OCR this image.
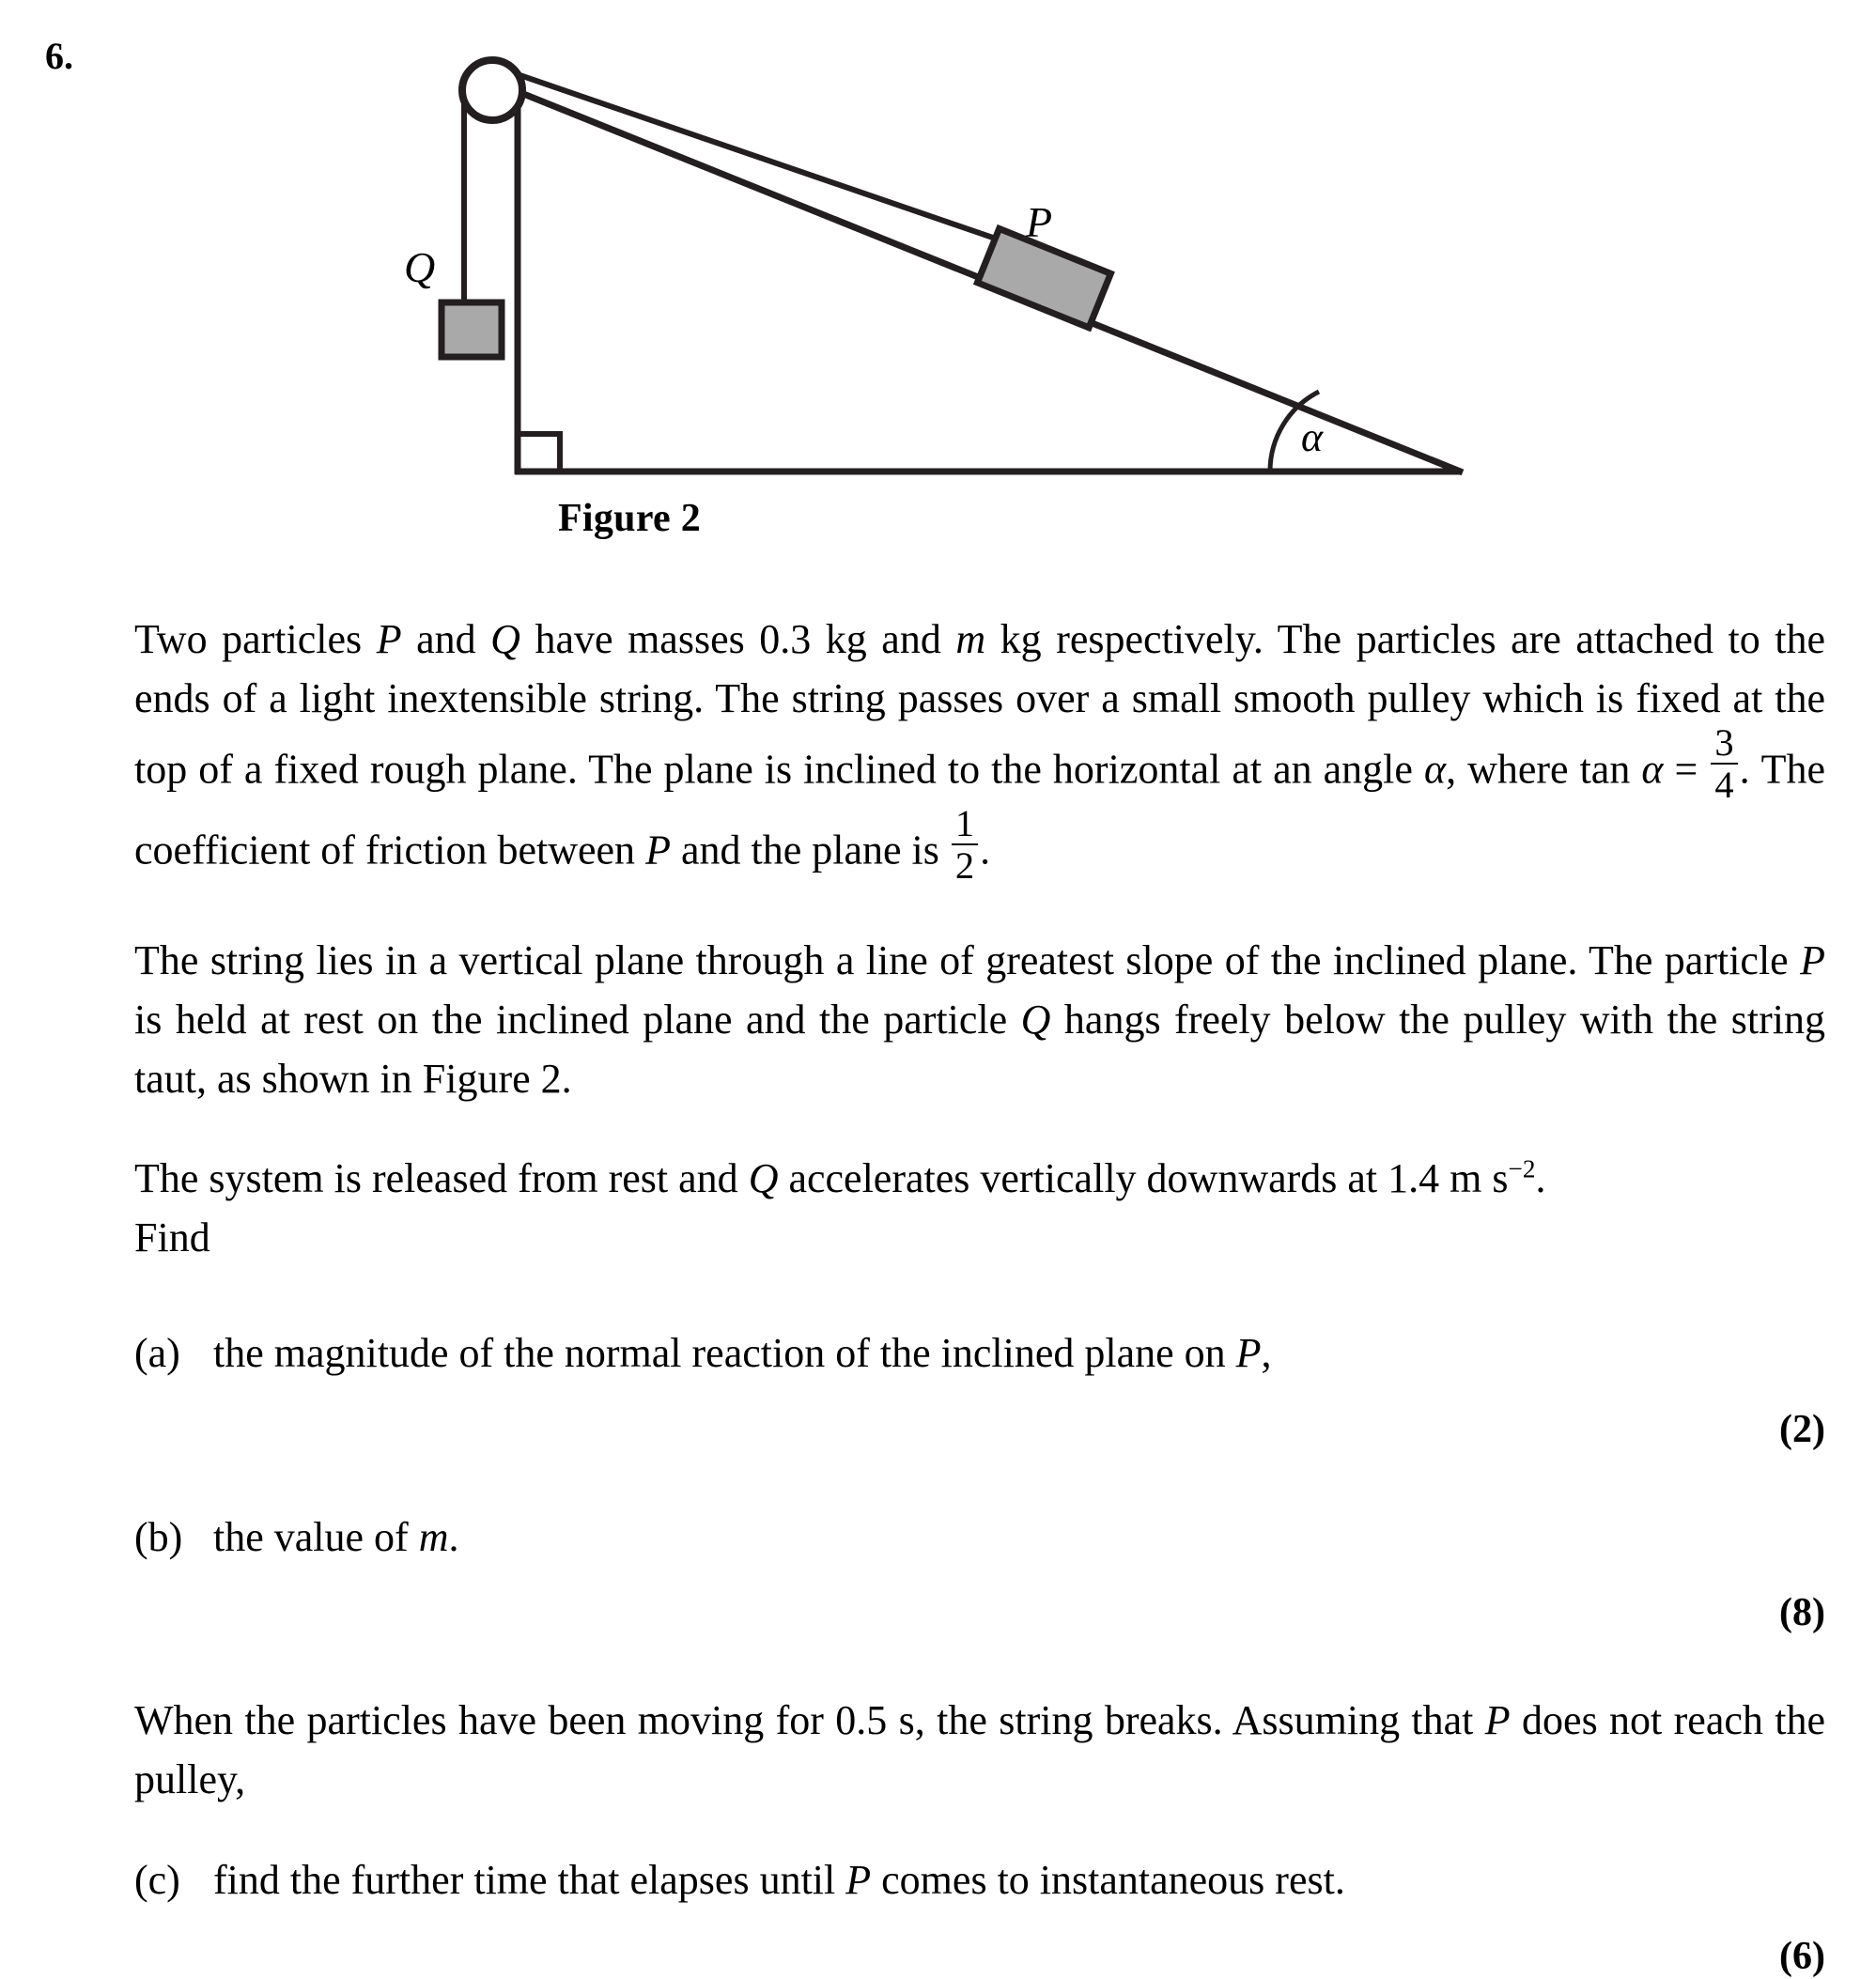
6.
Q
P
α
Figure 2

Two particles P and Q have masses 0.3 kg and m kg respectively. The particles are attached to the ends of a light inextensible string. The string passes over a small smooth pulley which is fixed at the top of a fixed rough plane. The plane is inclined to the horizontal at an angle α, where $\tan \alpha = \frac{3}{4}$ . The coefficient of friction between P and the plane is $\frac{1}{2}$ .

The string lies in a vertical plane through a line of greatest slope of the inclined plane. The particle P is held at rest on the inclined plane and the particle Q hangs freely below the pulley with the string taut, as shown in Figure 2.

The system is released from rest and Q accelerates vertically downwards at 1.4 m $s^{-2}$.

Find

(a) the magnitude of the normal reaction of the inclined plane on P,
(2)
(b) the value of m.
(8)

When the particles have been moving for 0.5 s, the string breaks. Assuming that P does not reach the pulley,

(c) find the further time that elapses until P comes to instantaneous rest.
(6)
